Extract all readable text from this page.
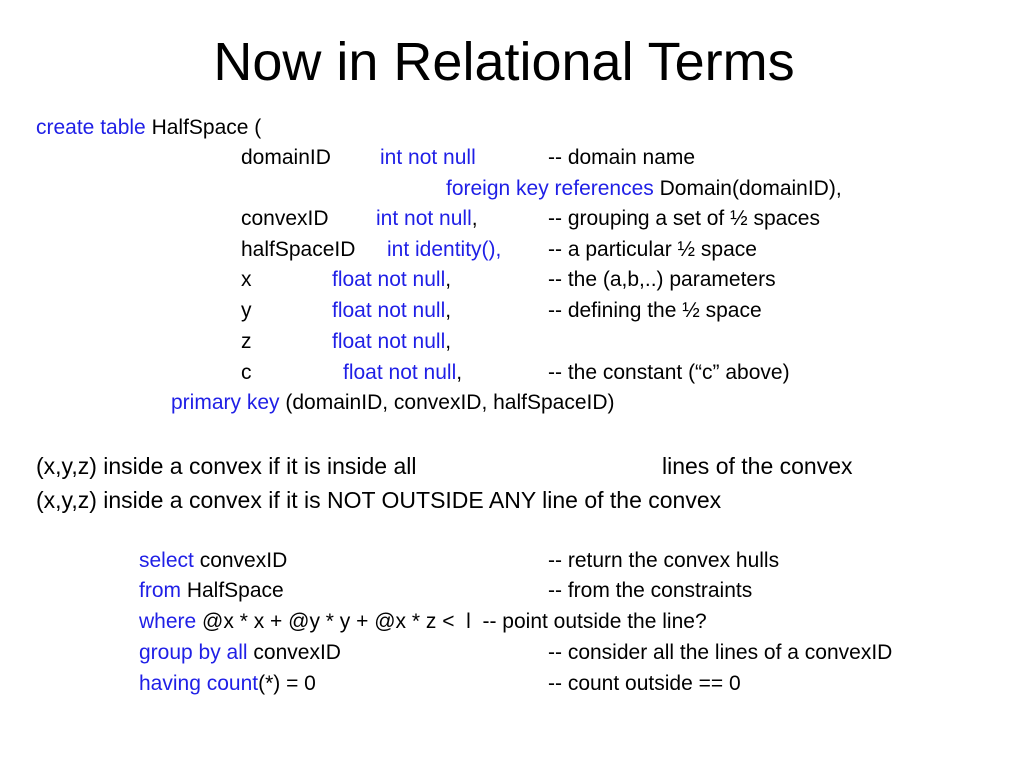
Now in Relational Terms
create table HalfSpace (
domainID int not null	-- domain name
foreign key references Domain(domainID),
convexID int not null,	-- grouping a set of ½ spaces
halfSpaceID int identity(), -- a particular ½ space
x	float not null,	-- the (a,b,..) parameters
y	float not null,	-- defining the ½ space
z	float not null,
c	float not null,	-- the constant (“c” above)
primary key (domainID, convexID, halfSpaceID)
(x,y,z) inside a convex if it is inside all	lines of the convex
(x,y,z) inside a convex if it is NOT OUTSIDE ANY line of the convex
select convexID	-- return the convex hulls
from HalfSpace	-- from the constraints
where @x * x + @y * y + @x * z <  l  -- point outside the line?
group by all convexID	-- consider all the lines of a convexID
having count(*) = 0	-- count outside == 0
